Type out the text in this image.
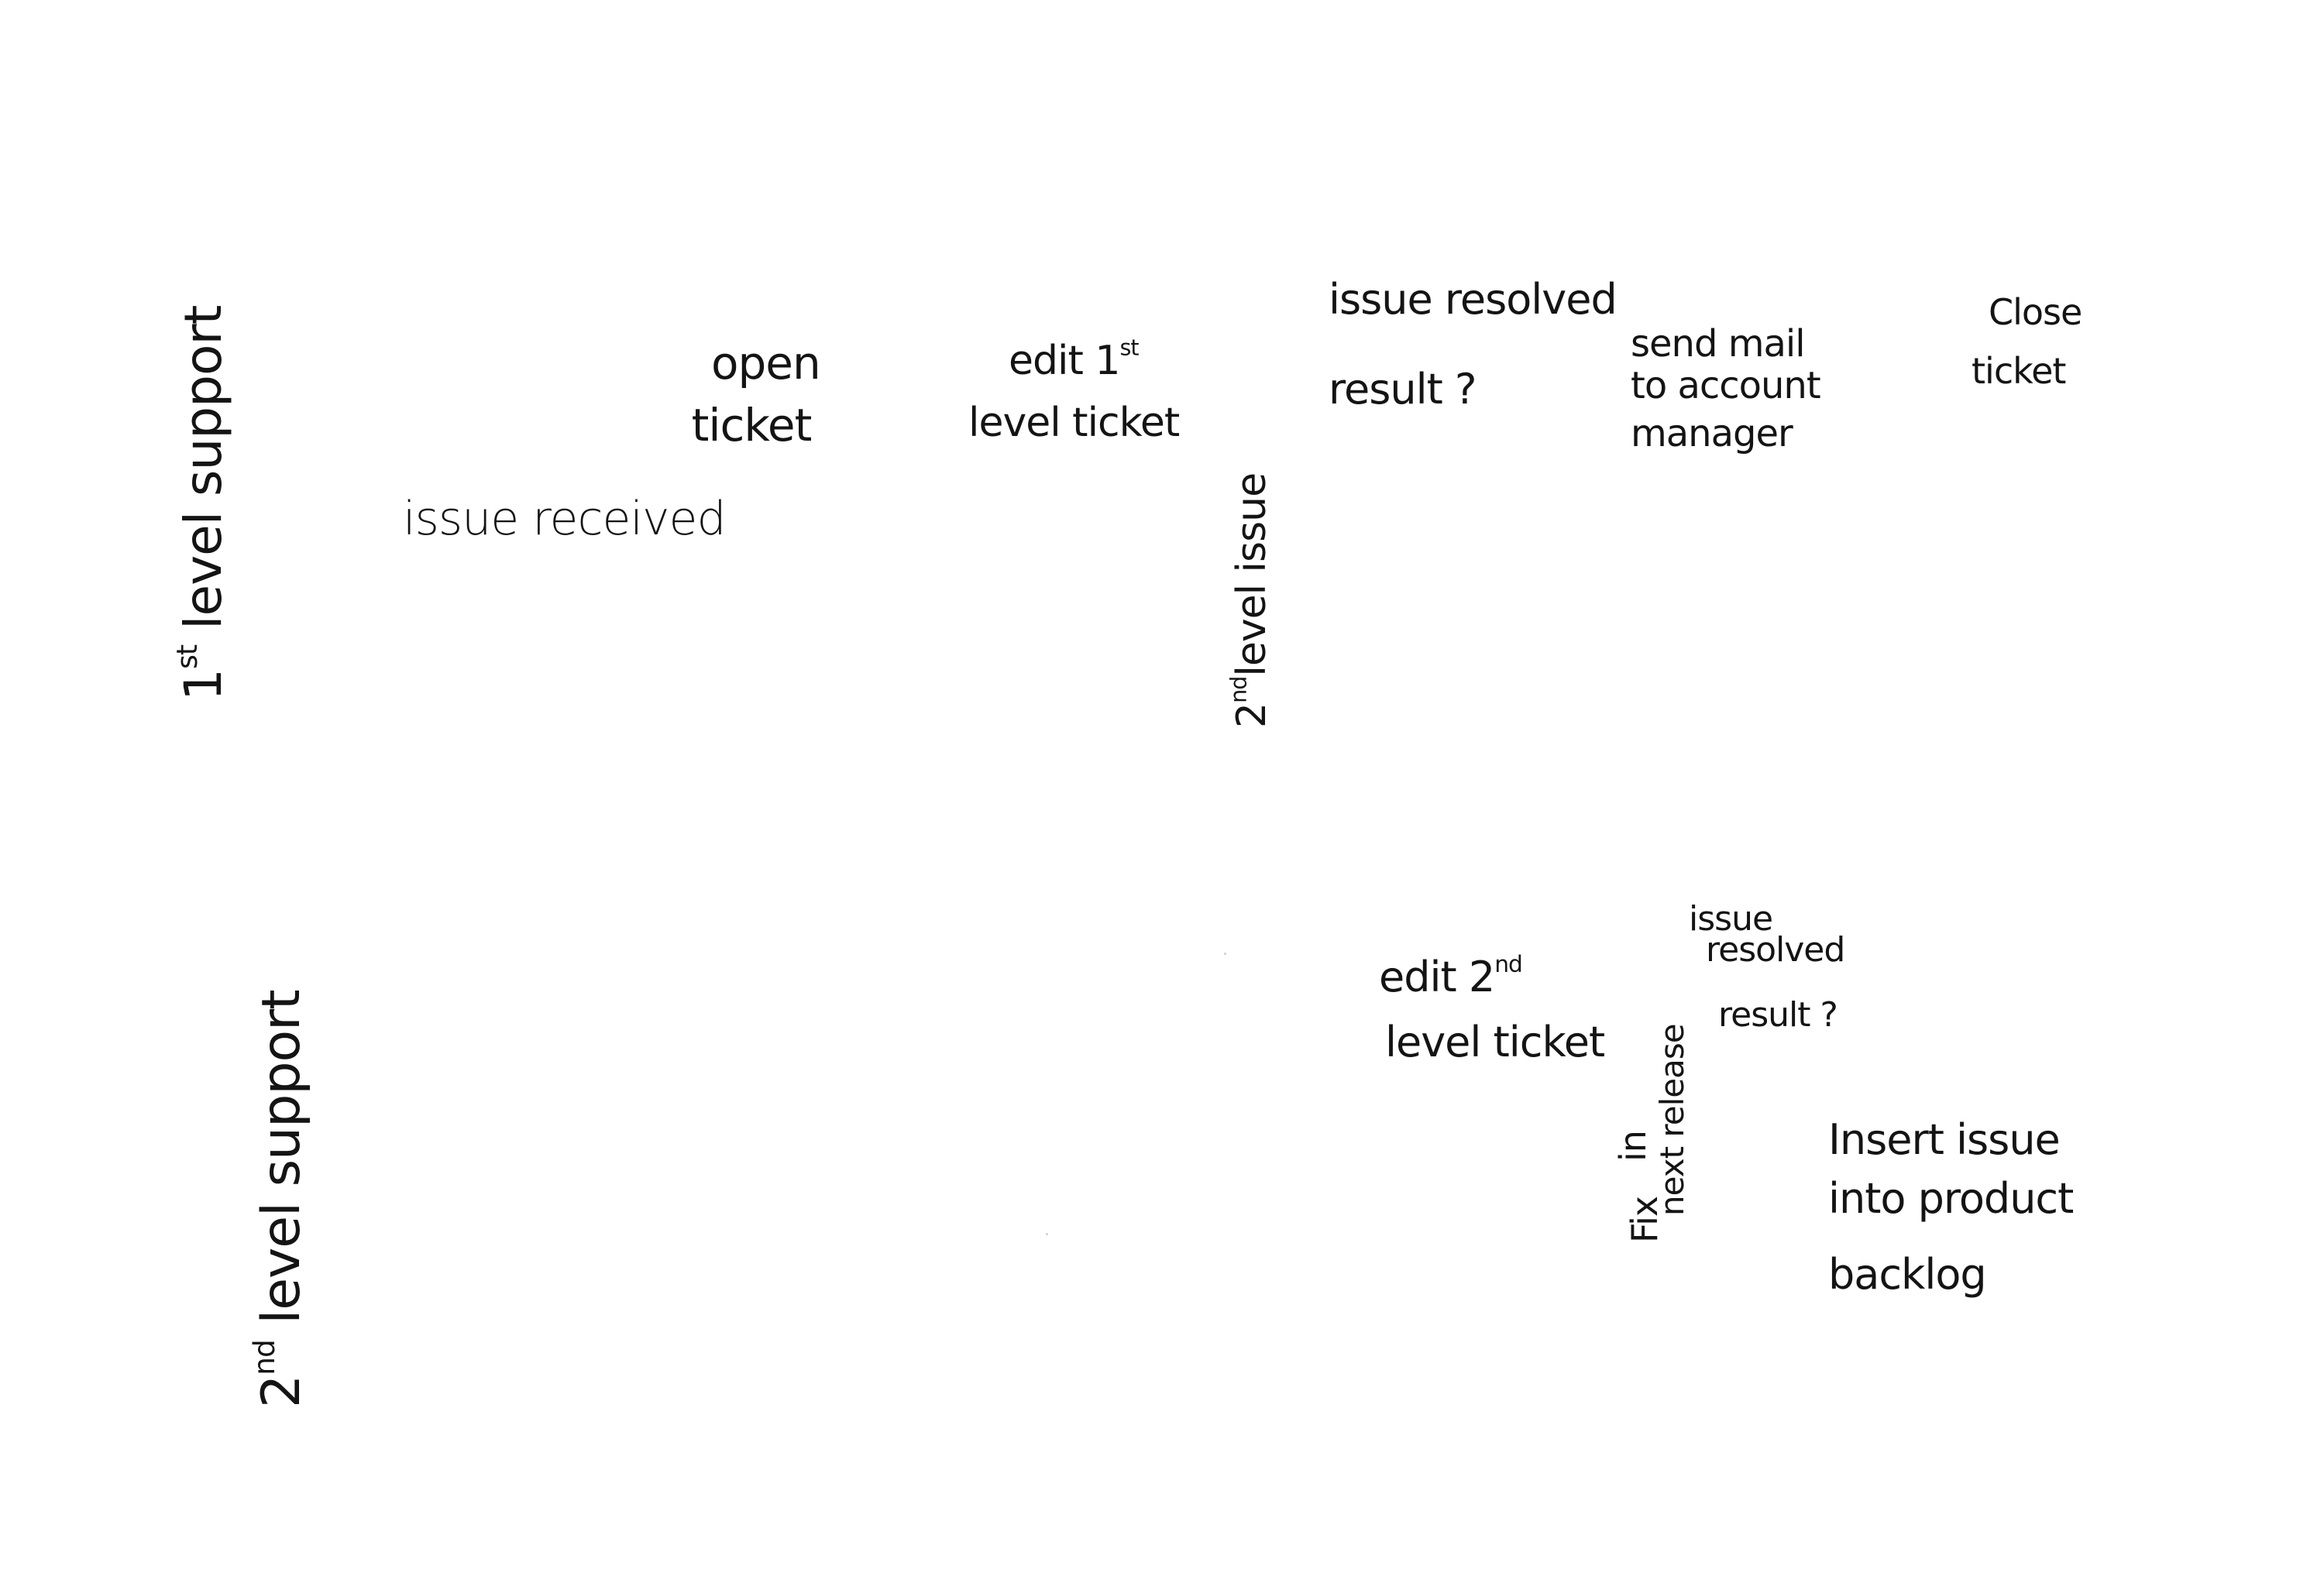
1st level support
2nd level support
issue received
open
ticket
edit 1st
level ticket
2ndlevel issue
issue resolved
result ?
send mail
to account
manager
Close
ticket
edit 2nd
level ticket
issue
resolved
result ?
Fix
in next release	Insert issue
into product
backlog
